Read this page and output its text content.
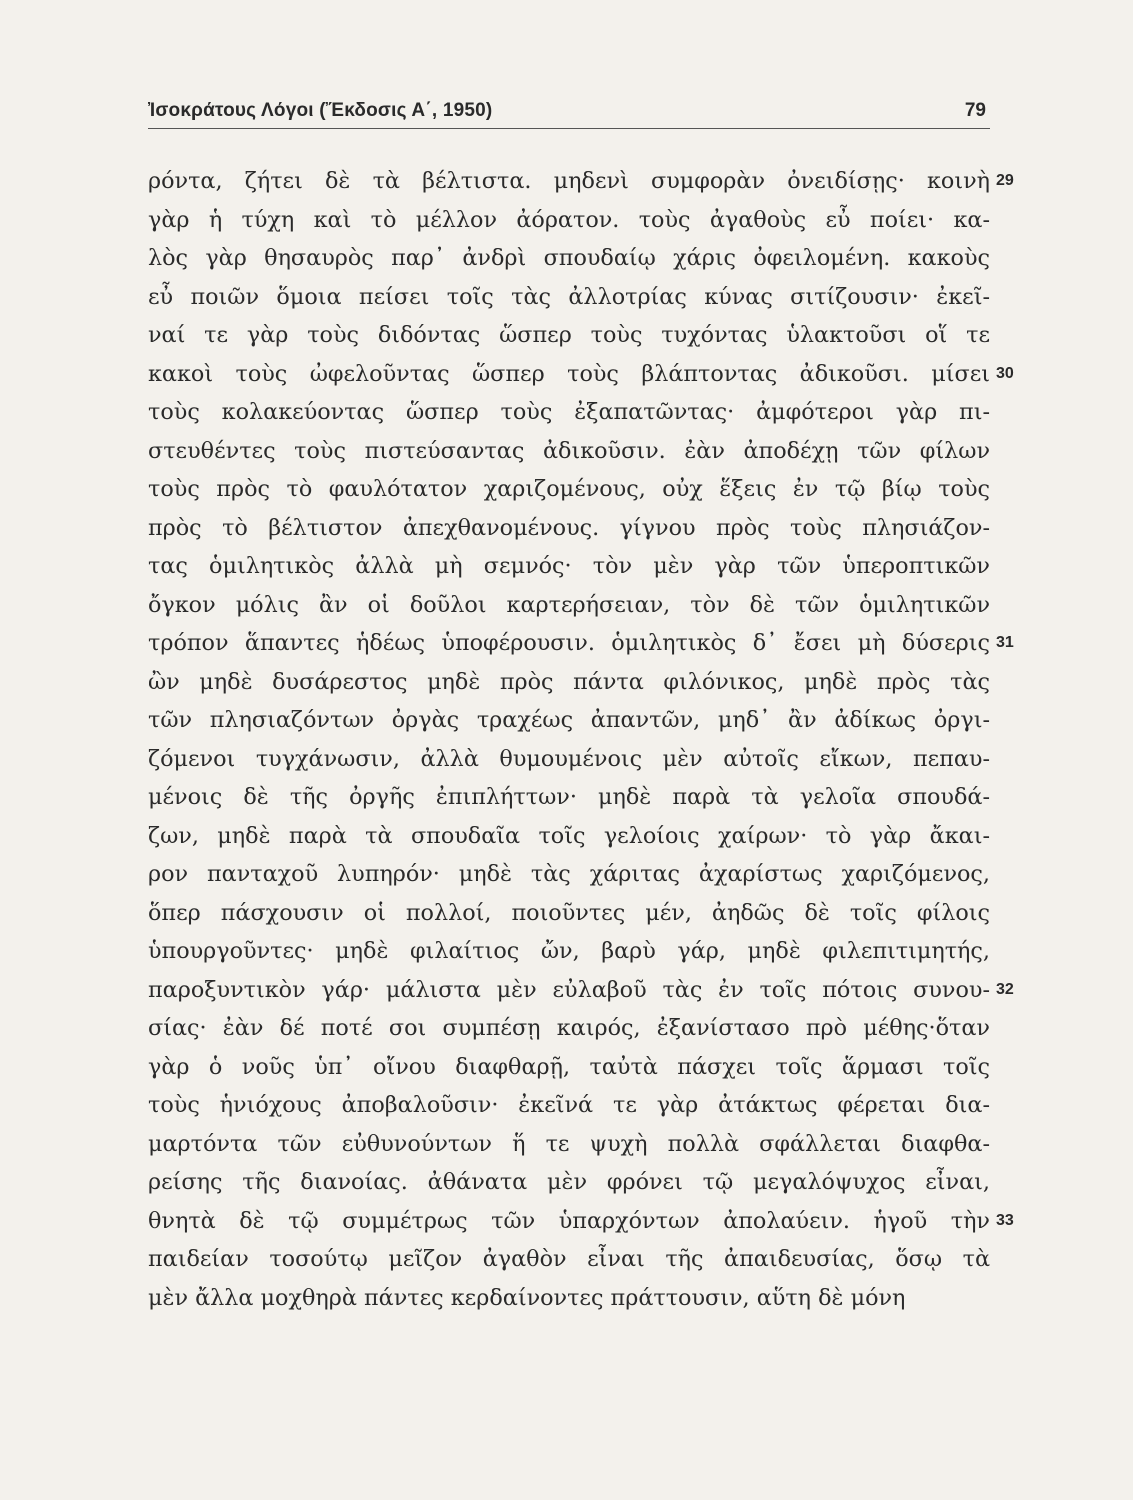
Ἰσοκράτους Λόγοι (Ἔκδοσις Α΄, 1950)	79
ρόντα, ζήτει δὲ τὰ βέλτιστα. μηδενὶ συμφορὰν ὀνειδίσῃς· κοινὴ 29
γὰρ ἡ τύχη καὶ τὸ μέλλον ἀόρατον. τοὺς ἀγαθοὺς εὖ ποίει· κα-
λὸς γὰρ θησαυρὸς παρ᾽ ἀνδρὶ σπουδαίῳ χάρις ὀφειλομένη. κακοὺς
εὖ ποιῶν ὅμοια πείσει τοῖς τὰς ἀλλοτρίας κύνας σιτίζουσιν· ἐκεῖ-
ναί τε γὰρ τοὺς διδόντας ὥσπερ τοὺς τυχόντας ὑλακτοῦσι οἵ τε
κακοὶ τοὺς ὠφελοῦντας ὥσπερ τοὺς βλάπτοντας ἀδικοῦσι. μίσει 30
τοὺς κολακεύοντας ὥσπερ τοὺς ἐξαπατῶντας· ἀμφότεροι γὰρ πι-
στευθέντες τοὺς πιστεύσαντας ἀδικοῦσιν. ἐὰν ἀποδέχῃ τῶν φίλων
τοὺς πρὸς τὸ φαυλότατον χαριζομένους, οὐχ ἕξεις ἐν τῷ βίῳ τοὺς
πρὸς τὸ βέλτιστον ἀπεχθανομένους. γίγνου πρὸς τοὺς πλησιάζον-
τας ὁμιλητικὸς ἀλλὰ μὴ σεμνός· τὸν μὲν γὰρ τῶν ὑπεροπτικῶν
ὄγκον μόλις ἂν οἱ δοῦλοι καρτερήσειαν, τὸν δὲ τῶν ὁμιλητικῶν
τρόπον ἅπαντες ἡδέως ὑποφέρουσιν. ὁμιλητικὸς δ᾽ ἔσει μὴ δύσερις 31
ὢν μηδὲ δυσάρεστος μηδὲ πρὸς πάντα φιλόνικος, μηδὲ πρὸς τὰς
τῶν πλησιαζόντων ὀργὰς τραχέως ἀπαντῶν, μηδ᾽ ἂν ἀδίκως ὀργι-
ζόμενοι τυγχάνωσιν, ἀλλὰ θυμουμένοις μὲν αὐτοῖς εἴκων, πεπαυ-
μένοις δὲ τῆς ὀργῆς ἐπιπλήττων· μηδὲ παρὰ τὰ γελοῖα σπουδά-
ζων, μηδὲ παρὰ τὰ σπουδαῖα τοῖς γελοίοις χαίρων· τὸ γὰρ ἄκαι-
ρον πανταχοῦ λυπηρόν· μηδὲ τὰς χάριτας ἀχαρίστως χαριζόμενος,
ὅπερ πάσχουσιν οἱ πολλοί, ποιοῦντες μέν, ἀηδῶς δὲ τοῖς φίλοις
ὑπουργοῦντες· μηδὲ φιλαίτιος ὤν, βαρὺ γάρ, μηδὲ φιλεπιτιμητής,
παροξυντικὸν γάρ· μάλιστα μὲν εὐλαβοῦ τὰς ἐν τοῖς πότοις συνου- 32
σίας· ἐὰν δέ ποτέ σοι συμπέσῃ καιρός, ἐξανίστασο πρὸ μέθης·ὅταν
γὰρ ὁ νοῦς ὑπ᾽ οἴνου διαφθαρῇ, ταὐτὰ πάσχει τοῖς ἅρμασι τοῖς
τοὺς ἡνιόχους ἀποβαλοῦσιν· ἐκεῖνά τε γὰρ ἀτάκτως φέρεται δια-
μαρτόντα τῶν εὐθυνούντων ἥ τε ψυχὴ πολλὰ σφάλλεται διαφθα-
ρείσης τῆς διανοίας. ἀθάνατα μὲν φρόνει τῷ μεγαλόψυχος εἶναι,
θνητὰ δὲ τῷ συμμέτρως τῶν ὑπαρχόντων ἀπολαύειν. ἡγοῦ τὴν 33
παιδείαν τοσούτῳ μεῖζον ἀγαθὸν εἶναι τῆς ἀπαιδευσίας, ὅσῳ τὰ
μὲν ἄλλα μοχθηρὰ πάντες κερδαίνοντες πράττουσιν, αὕτη δὲ μόνη
